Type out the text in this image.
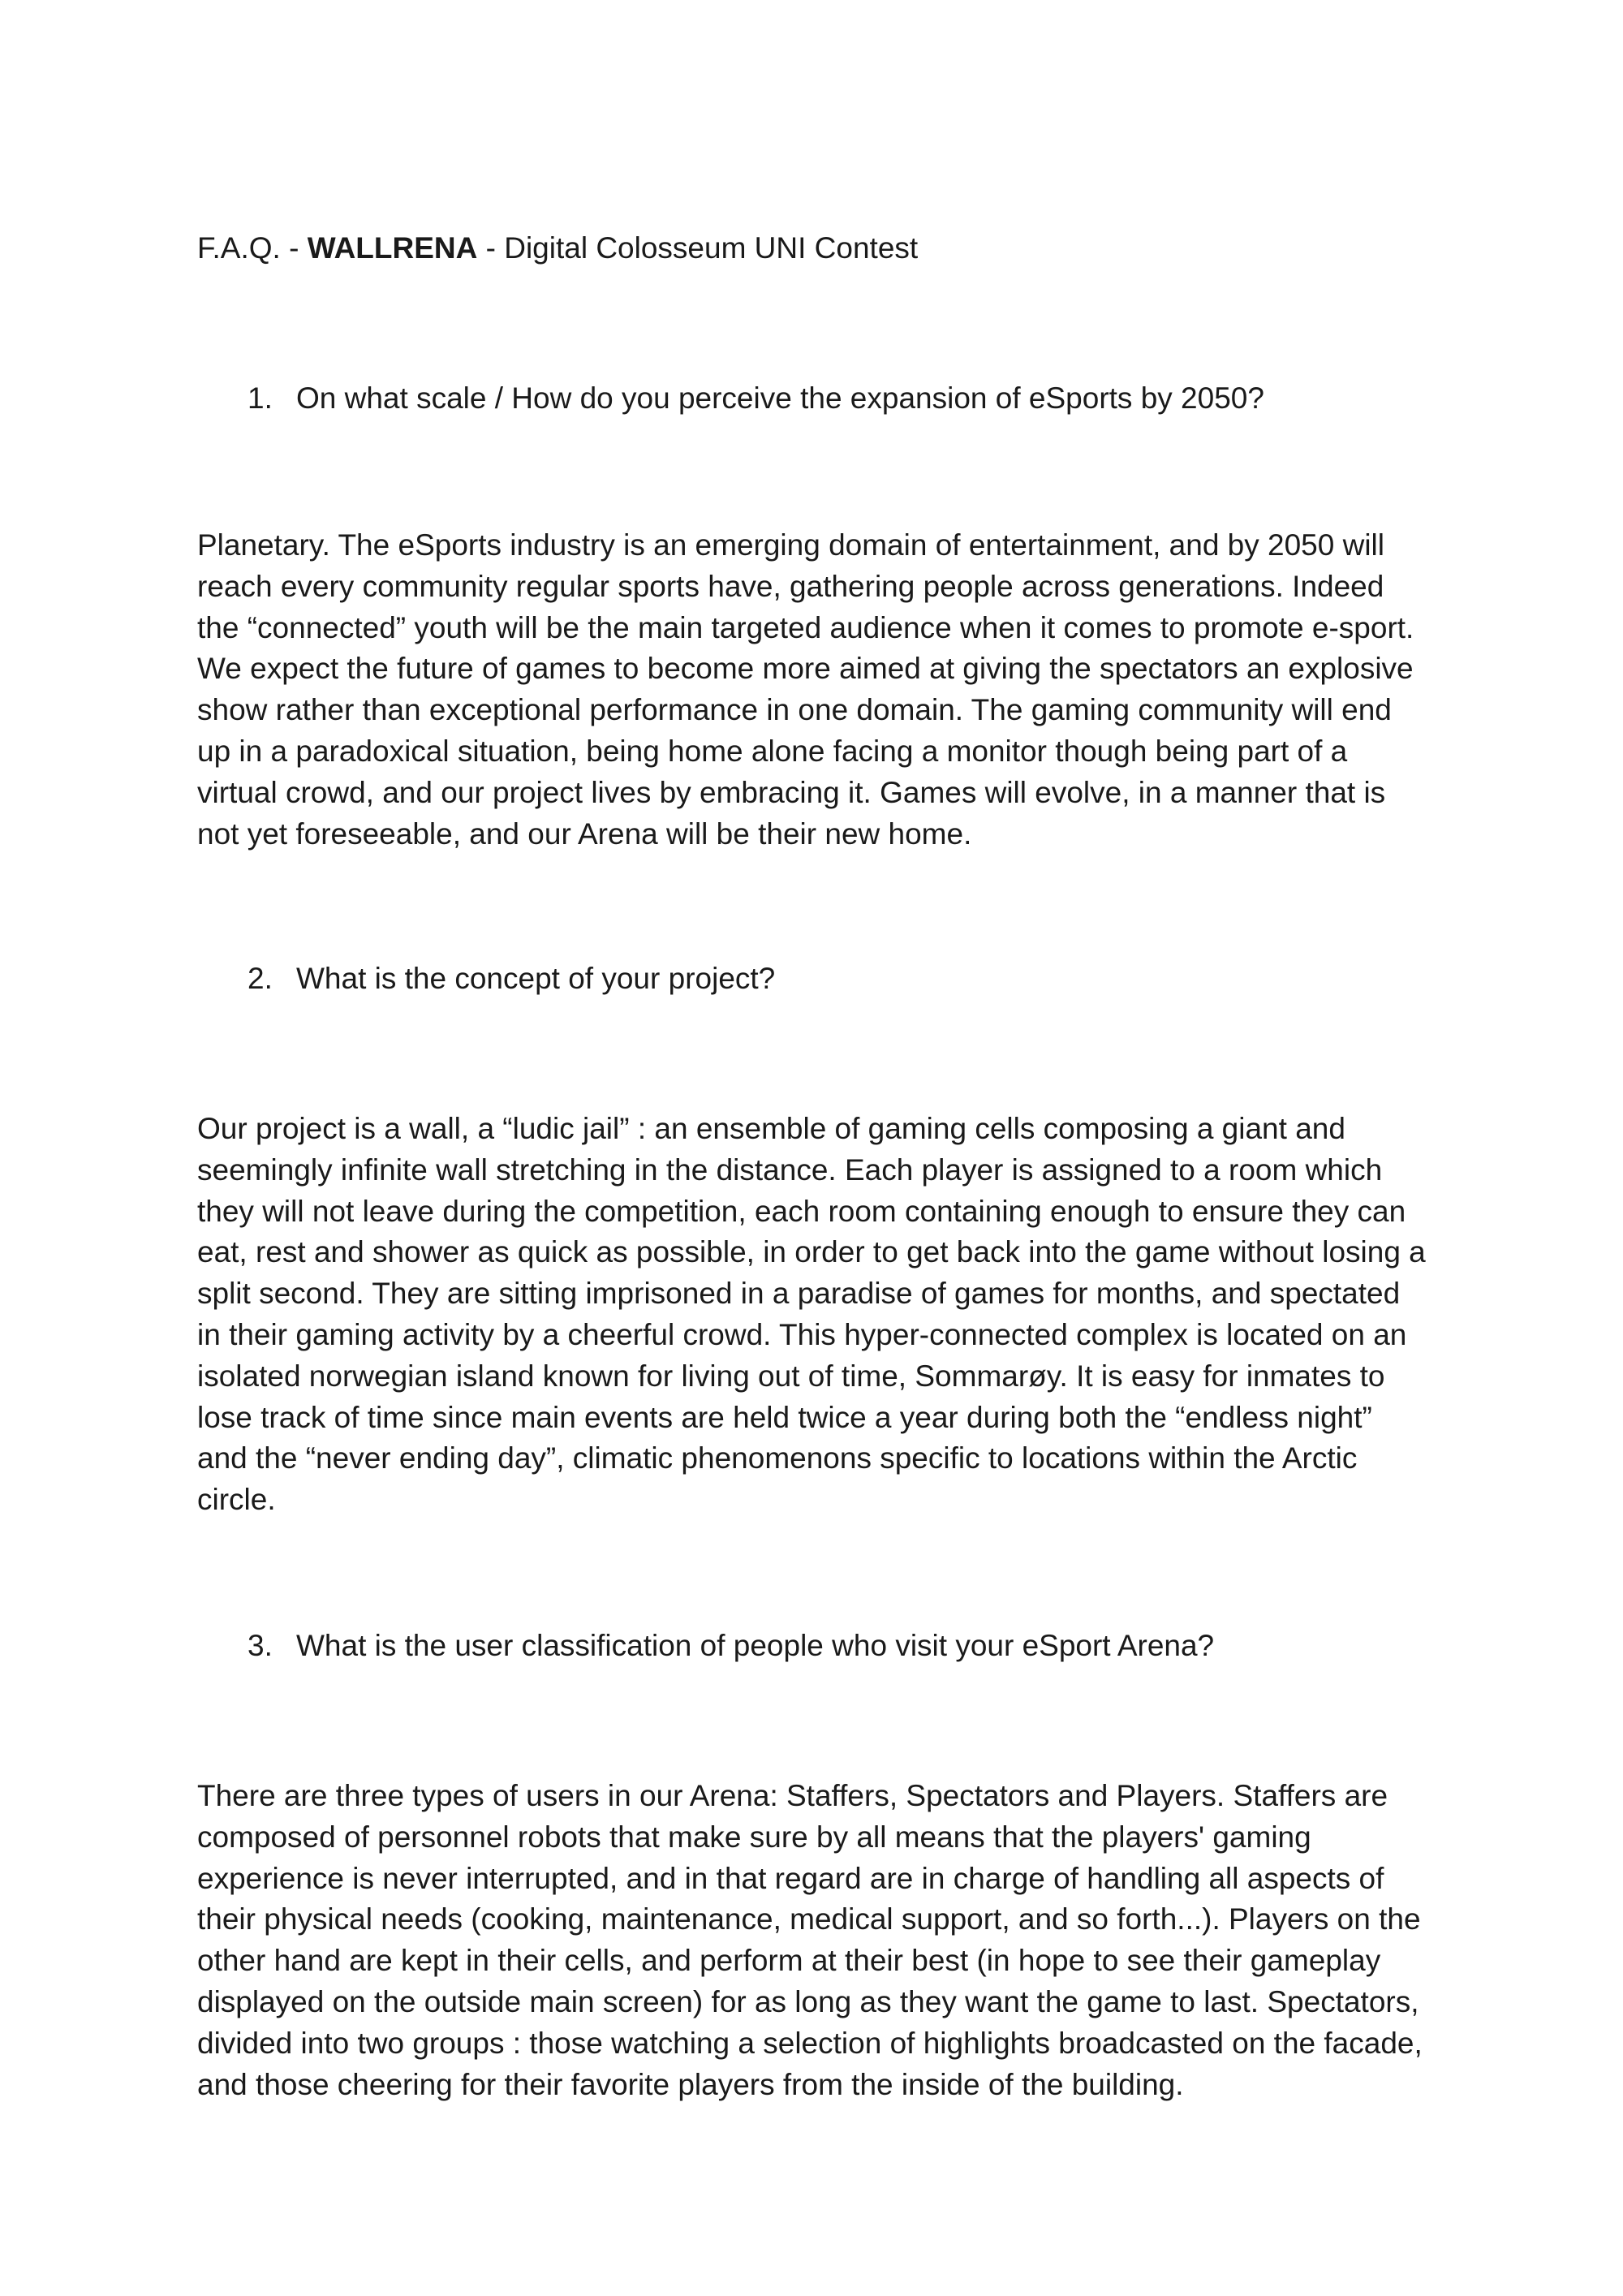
F.A.Q. - WALLRENA - Digital Colosseum UNI Contest
1. On what scale / How do you perceive the expansion of eSports by 2050?
Planetary. The eSports industry is an emerging domain of entertainment, and by 2050 will
reach every community regular sports have, gathering people across generations. Indeed
the “connected” youth will be the main targeted audience when it comes to promote e-sport.
We expect the future of games to become more aimed at giving the spectators an explosive
show rather than exceptional performance in one domain. The gaming community will end
up in a paradoxical situation, being home alone facing a monitor though being part of a
virtual crowd, and our project lives by embracing it. Games will evolve, in a manner that is
not yet foreseeable, and our Arena will be their new home.
2. What is the concept of your project?
Our project is a wall, a “ludic jail” : an ensemble of gaming cells composing a giant and
seemingly infinite wall stretching in the distance. Each player is assigned to a room which
they will not leave during the competition, each room containing enough to ensure they can
eat, rest and shower as quick as possible, in order to get back into the game without losing a
split second. They are sitting imprisoned in a paradise of games for months, and spectated
in their gaming activity by a cheerful crowd. This hyper-connected complex is located on an
isolated norwegian island known for living out of time, Sommarøy. It is easy for inmates to
lose track of time since main events are held twice a year during both the “endless night”
and the “never ending day”, climatic phenomenons specific to locations within the Arctic
circle.
3. What is the user classification of people who visit your eSport Arena?
There are three types of users in our Arena: Staffers, Spectators and Players. Staffers are
composed of personnel robots that make sure by all means that the players' gaming
experience is never interrupted, and in that regard are in charge of handling all aspects of
their physical needs (cooking, maintenance, medical support, and so forth...). Players on the
other hand are kept in their cells, and perform at their best (in hope to see their gameplay
displayed on the outside main screen) for as long as they want the game to last. Spectators,
divided into two groups : those watching a selection of highlights broadcasted on the facade,
and those cheering for their favorite players from the inside of the building.
